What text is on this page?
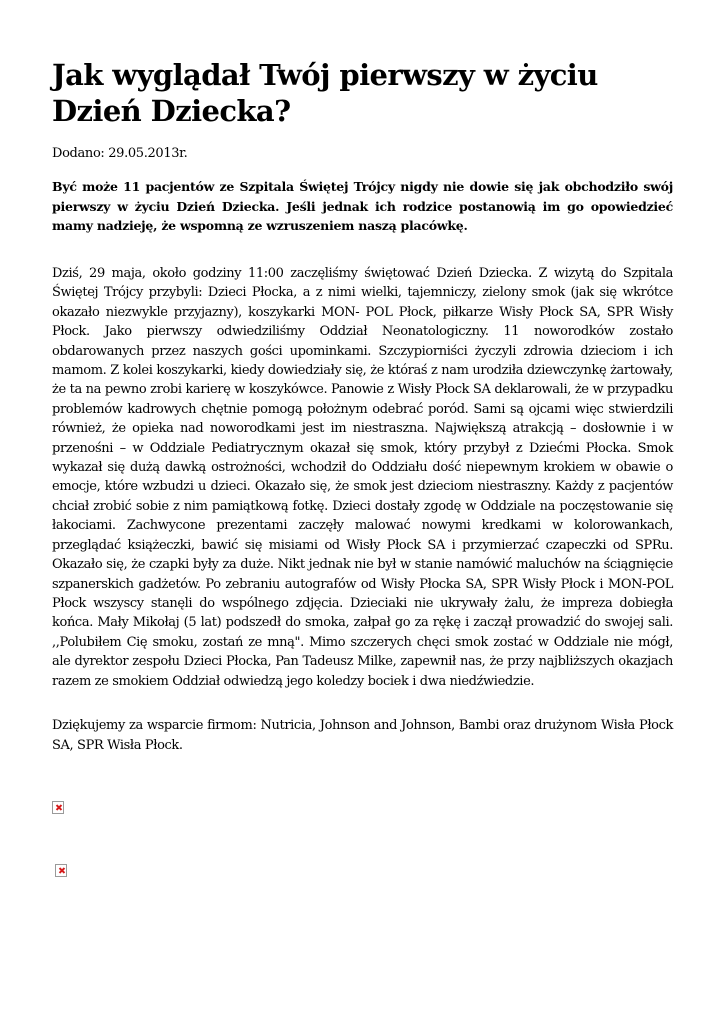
Jak wyglądał Twój pierwszy w życiu Dzień Dziecka?

Dodano: 29.05.2013r.

Być może 11 pacjentów ze Szpitala Świętej Trójcy nigdy nie dowie się jak obchodziło swój pierwszy w życiu Dzień Dziecka. Jeśli jednak ich rodzice postanowią im go opowiedzieć mamy nadzieję, że wspomną ze wzruszeniem naszą placówkę.

Dziś, 29 maja, około godziny 11:00 zaczęliśmy świętować Dzień Dziecka. Z wizytą do Szpitala Świętej Trójcy przybyli: Dzieci Płocka, a z nimi wielki, tajemniczy, zielony smok (jak się wkrótce okazało niezwykle przyjazny), koszykarki MON- POL Płock, piłkarze Wisły Płock SA, SPR Wisły Płock. Jako pierwszy odwiedziliśmy Oddział Neonatologiczny. 11 noworodków zostało obdarowanych przez naszych gości upominkami. Szczypiorniści życzyli zdrowia dzieciom i ich mamom. Z kolei koszykarki, kiedy dowiedziały się, że któraś z nam urodziła dziewczynkę żartowały, że ta na pewno zrobi karierę w koszykówce. Panowie z Wisły Płock SA deklarowali, że w przypadku problemów kadrowych chętnie pomogą położnym odebrać poród. Sami są ojcami więc stwierdzili również, że opieka nad noworodkami jest im niestraszna. Największą atrakcją – dosłownie i w przenośni – w Oddziale Pediatrycznym okazał się smok, który przybył z Dziećmi Płocka. Smok wykazał się dużą dawką ostrożności, wchodził do Oddziału dość niepewnym krokiem w obawie o emocje, które wzbudzi u dzieci. Okazało się, że smok jest dzieciom niestraszny. Każdy z pacjentów chciał zrobić sobie z nim pamiątkową fotkę. Dzieci dostały zgodę w Oddziale na poczęstowanie się łakociami. Zachwycone prezentami zaczęły malować nowymi kredkami w kolorowankach, przeglądać książeczki, bawić się misiami od Wisły Płock SA i przymierzać czapeczki od SPRu. Okazało się, że czapki były za duże. Nikt jednak nie był w stanie namówić maluchów na ściągnięcie szpanerskich gadżetów. Po zebraniu autografów od Wisły Płocka SA, SPR Wisły Płock i MON-POL Płock wszyscy stanęli do wspólnego zdjęcia. Dzieciaki nie ukrywały żalu, że impreza dobiegła końca. Mały Mikołaj (5 lat) podszedł do smoka, załpał go za rękę i zaczął prowadzić do swojej sali. ,,Polubiłem Cię smoku, zostań ze mną". Mimo szczerych chęci smok zostać w Oddziale nie mógł, ale dyrektor zespołu Dzieci Płocka, Pan Tadeusz Milke, zapewnił nas, że przy najbliższych okazjach razem ze smokiem Oddział odwiedzą jego koledzy bociek i dwa niedźwiedzie.

Dziękujemy za wsparcie firmom: Nutricia, Johnson and Johnson, Bambi oraz drużynom Wisła Płock SA, SPR Wisła Płock.
